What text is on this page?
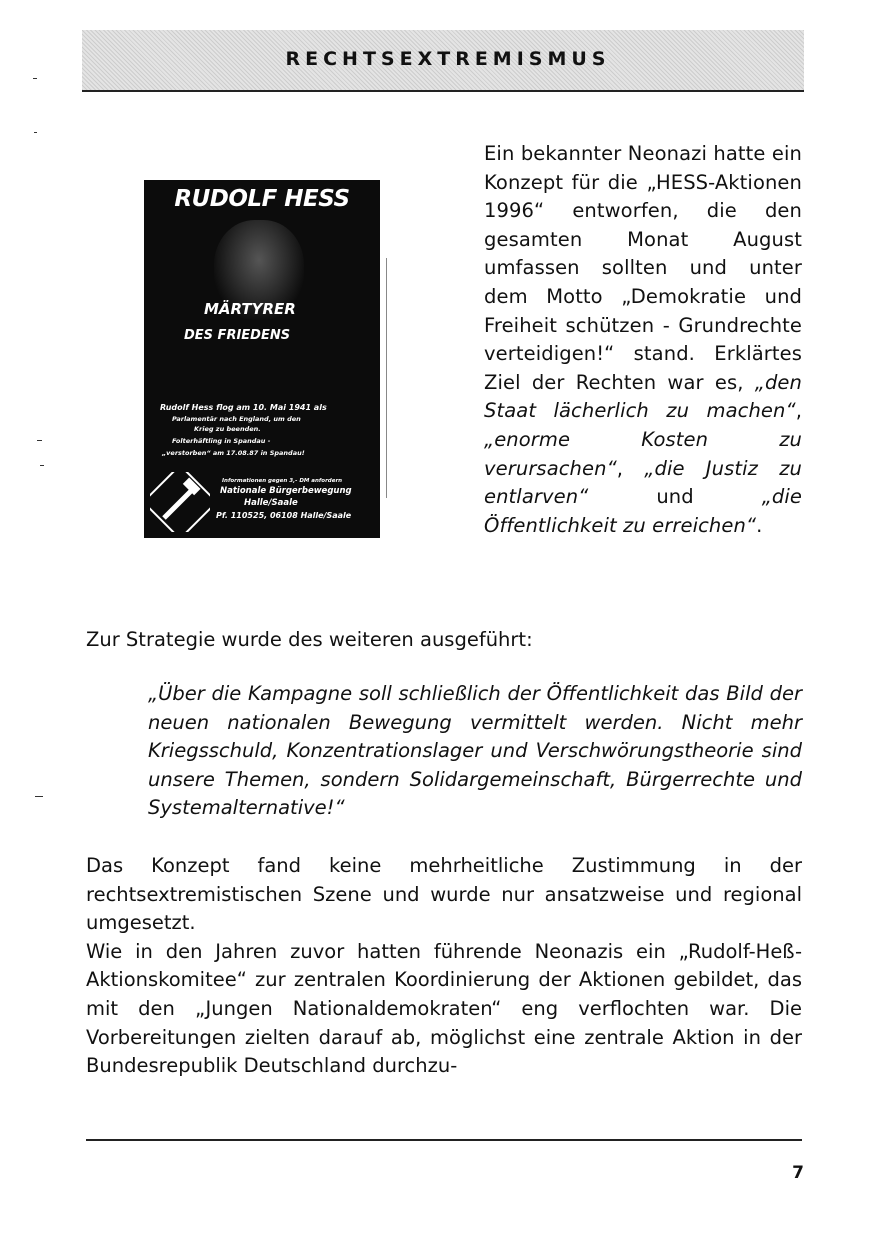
RECHTSEXTREMISMUS
RUDOLF HESS
MÄRTYRER
DES FRIEDENS
Rudolf Hess flog am 10. Mai 1941 als
Parlamentär nach England, um den
Krieg zu beenden.
Folterhäftling in Spandau -
„verstorben“ am 17.08.87 in Spandau!
Informationen gegen 3,- DM anfordern
Nationale Bürgerbewegung
Halle/Saale
Pf. 110525, 06108 Halle/Saale
Ein bekannter Neonazi hatte ein Konzept für die „HESS-Aktionen 1996“ entworfen, die den gesamten Monat August umfassen sollten und unter dem Motto „Demokratie und Freiheit schützen - Grundrechte verteidigen!“ stand. Erklärtes Ziel der Rechten war es, „den Staat lächerlich zu machen“, „enorme Kosten zu verursachen“, „die Justiz zu entlarven“ und „die Öffentlichkeit zu erreichen“.
Zur Strategie wurde des weiteren ausgeführt:
„Über die Kampagne soll schließlich der Öffentlichkeit das Bild der neuen nationalen Bewegung vermittelt werden. Nicht mehr Kriegsschuld, Konzentrationslager und Verschwörungstheorie sind unsere Themen, sondern Solidargemeinschaft, Bürgerrechte und Systemalternative!“

Das Konzept fand keine mehrheitliche Zustimmung in der rechtsextremistischen Szene und wurde nur ansatzweise und regional umgesetzt.

Wie in den Jahren zuvor hatten führende Neonazis ein „Rudolf-Heß-Aktionskomitee“ zur zentralen Koordinierung der Aktionen gebildet, das mit den „Jungen Nationaldemokraten“ eng verflochten war. Die Vorbereitungen zielten darauf ab, möglichst eine zentrale Aktion in der Bundesrepublik Deutschland durchzu-

7
